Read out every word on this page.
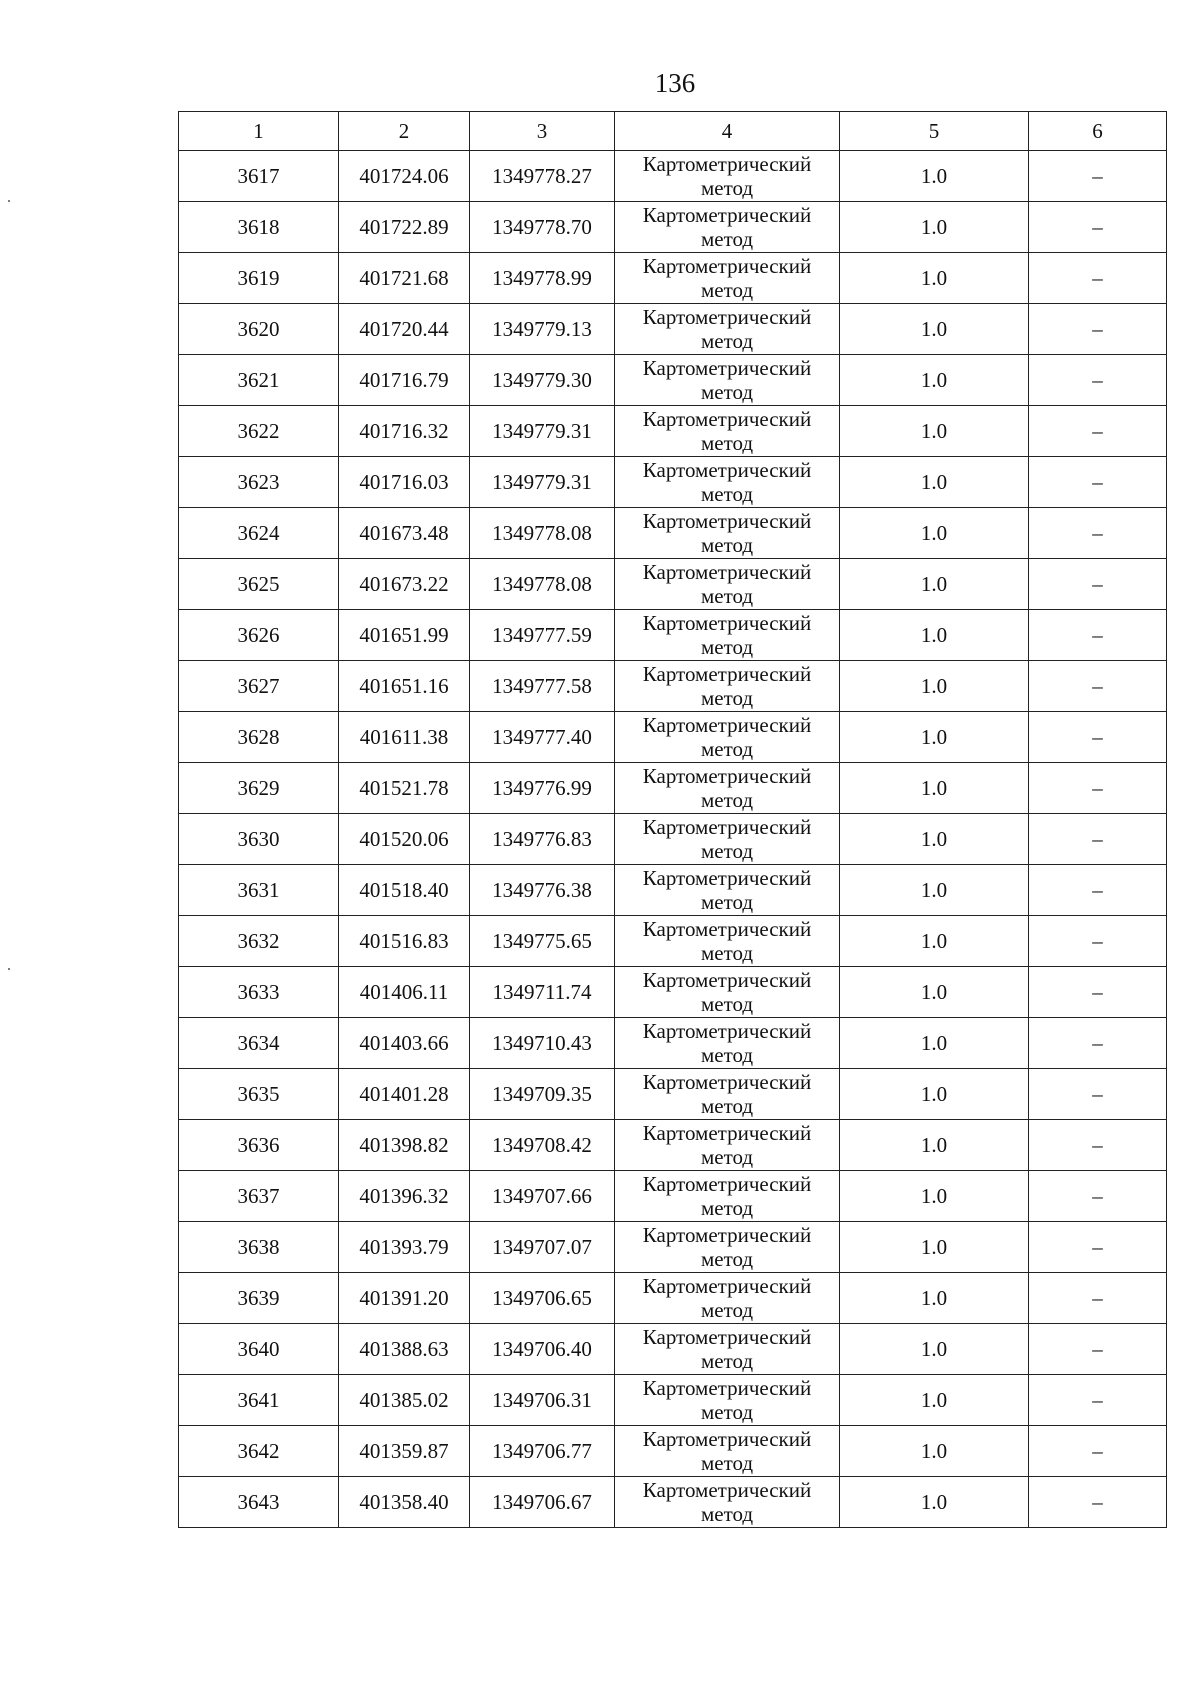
136
1	2	3	4	5	6
3617	401724.06	1349778.27	Картометрический метод	1.0	–
3618	401722.89	1349778.70	Картометрический метод	1.0	–
3619	401721.68	1349778.99	Картометрический метод	1.0	–
3620	401720.44	1349779.13	Картометрический метод	1.0	–
3621	401716.79	1349779.30	Картометрический метод	1.0	–
3622	401716.32	1349779.31	Картометрический метод	1.0	–
3623	401716.03	1349779.31	Картометрический метод	1.0	–
3624	401673.48	1349778.08	Картометрический метод	1.0	–
3625	401673.22	1349778.08	Картометрический метод	1.0	–
3626	401651.99	1349777.59	Картометрический метод	1.0	–
3627	401651.16	1349777.58	Картометрический метод	1.0	–
3628	401611.38	1349777.40	Картометрический метод	1.0	–
3629	401521.78	1349776.99	Картометрический метод	1.0	–
3630	401520.06	1349776.83	Картометрический метод	1.0	–
3631	401518.40	1349776.38	Картометрический метод	1.0	–
3632	401516.83	1349775.65	Картометрический метод	1.0	–
3633	401406.11	1349711.74	Картометрический метод	1.0	–
3634	401403.66	1349710.43	Картометрический метод	1.0	–
3635	401401.28	1349709.35	Картометрический метод	1.0	–
3636	401398.82	1349708.42	Картометрический метод	1.0	–
3637	401396.32	1349707.66	Картометрический метод	1.0	–
3638	401393.79	1349707.07	Картометрический метод	1.0	–
3639	401391.20	1349706.65	Картометрический метод	1.0	–
3640	401388.63	1349706.40	Картометрический метод	1.0	–
3641	401385.02	1349706.31	Картометрический метод	1.0	–
3642	401359.87	1349706.77	Картометрический метод	1.0	–
3643	401358.40	1349706.67	Картометрический метод	1.0	–
